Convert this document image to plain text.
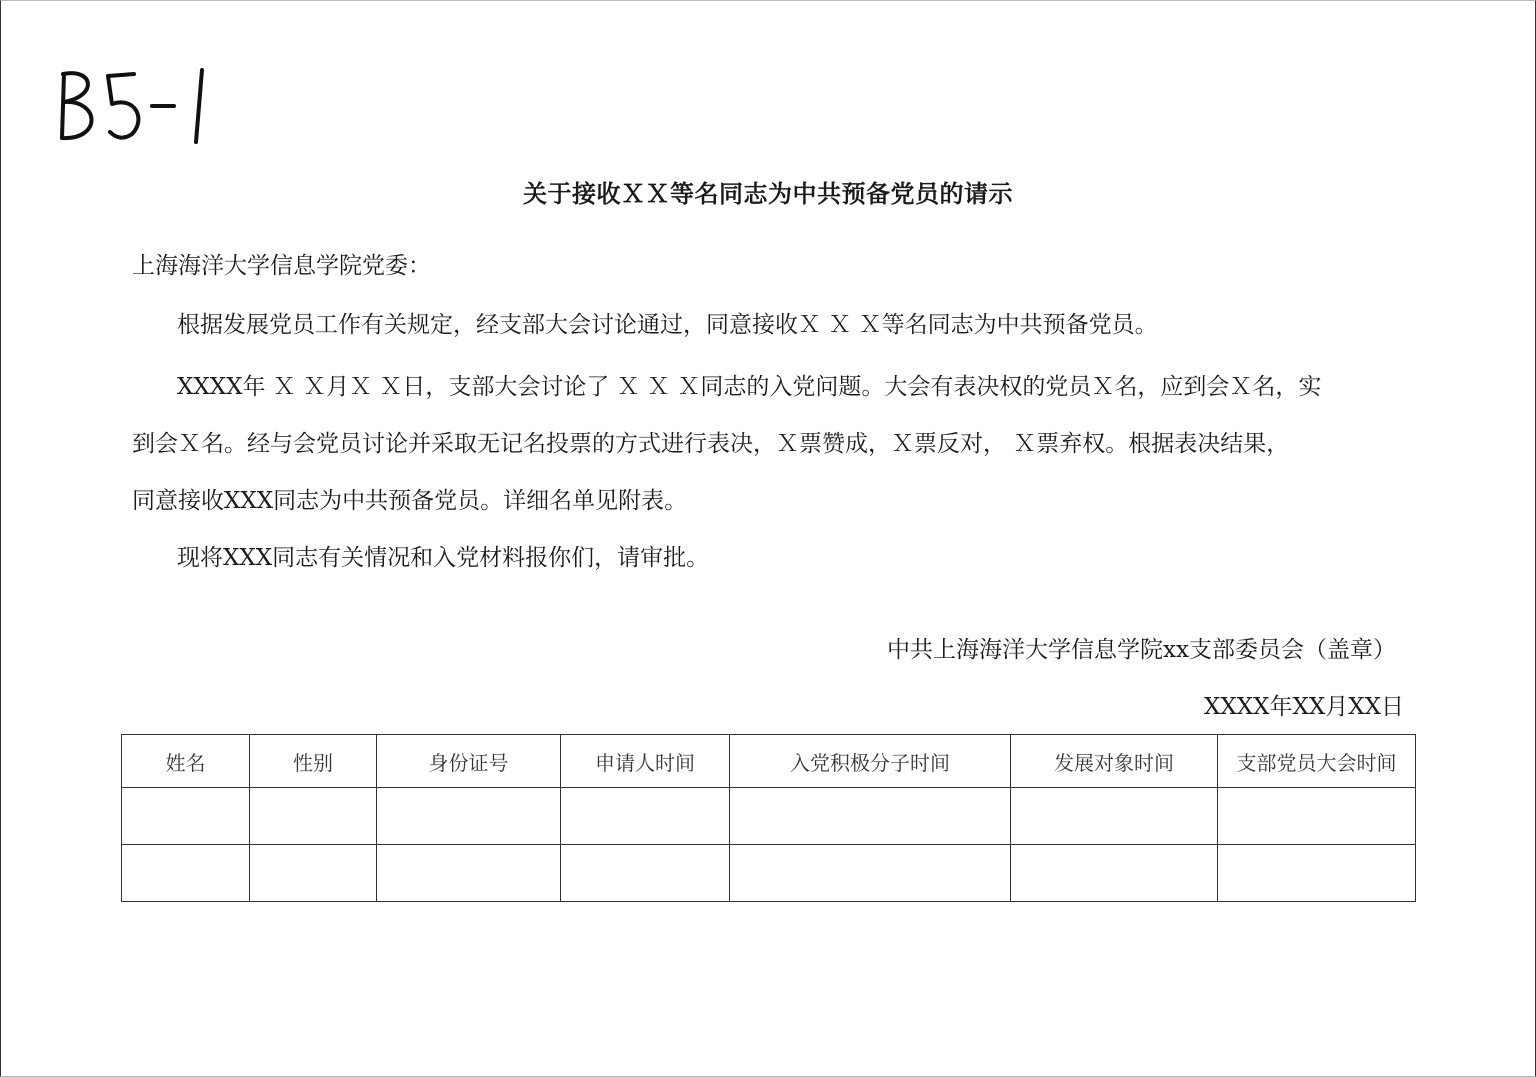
关于接收ＸＸ等名同志为中共预备党员的请示

上海海洋大学信息学院党委：

根据发展党员工作有关规定，经支部大会讨论通过，同意接收Ｘ Ｘ Ｘ等名同志为中共预备党员。

XXXX年 Ｘ Ｘ月Ｘ Ｘ日，支部大会讨论了 Ｘ Ｘ Ｘ同志的入党问题。大会有表决权的党员Ｘ名，应到会Ｘ名，实

到会Ｘ名。经与会党员讨论并采取无记名投票的方式进行表决，Ｘ票赞成，Ｘ票反对， Ｘ票弃权。根据表决结果，

同意接收XXX同志为中共预备党员。详细名单见附表。

现将XXX同志有关情况和入党材料报你们，请审批。

中共上海海洋大学信息学院xx支部委员会（盖章）
XXXX年XX月XX日
姓名	性别	身份证号	申请人时间	入党积极分子时间	发展对象时间	支部党员大会时间
